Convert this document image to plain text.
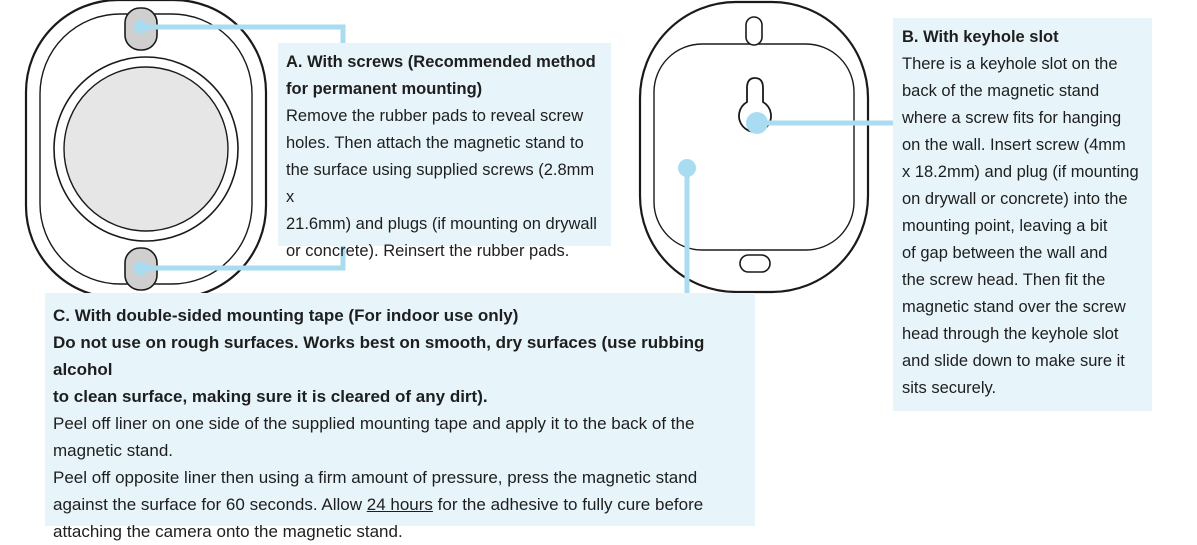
A. With screws (Recommended method

for permanent mounting)

Remove the rubber pads to reveal screw

holes. Then attach the magnetic stand to

the surface using supplied screws (2.8mm x

21.6mm) and plugs (if mounting on drywall

or concrete). Reinsert the rubber pads.

B. With keyhole slot

There is a keyhole slot on the

back of the magnetic stand

where a screw fits for hanging

on the wall. Insert screw (4mm

x 18.2mm) and plug (if mounting

on drywall or concrete) into the

mounting point, leaving a bit

of gap between the wall and

the screw head. Then fit the

magnetic stand over the screw

head through the keyhole slot

and slide down to make sure it

sits securely.

C. With double-sided mounting tape (For indoor use only)

Do not use on rough surfaces. Works best on smooth, dry surfaces (use rubbing alcohol

to clean surface, making sure it is cleared of any dirt).

Peel off liner on one side of the supplied mounting tape and apply it to the back of the

magnetic stand.

Peel off opposite liner then using a firm amount of pressure, press the magnetic stand

against the surface for 60 seconds. Allow 24 hours for the adhesive to fully cure before

attaching the camera onto the magnetic stand.
